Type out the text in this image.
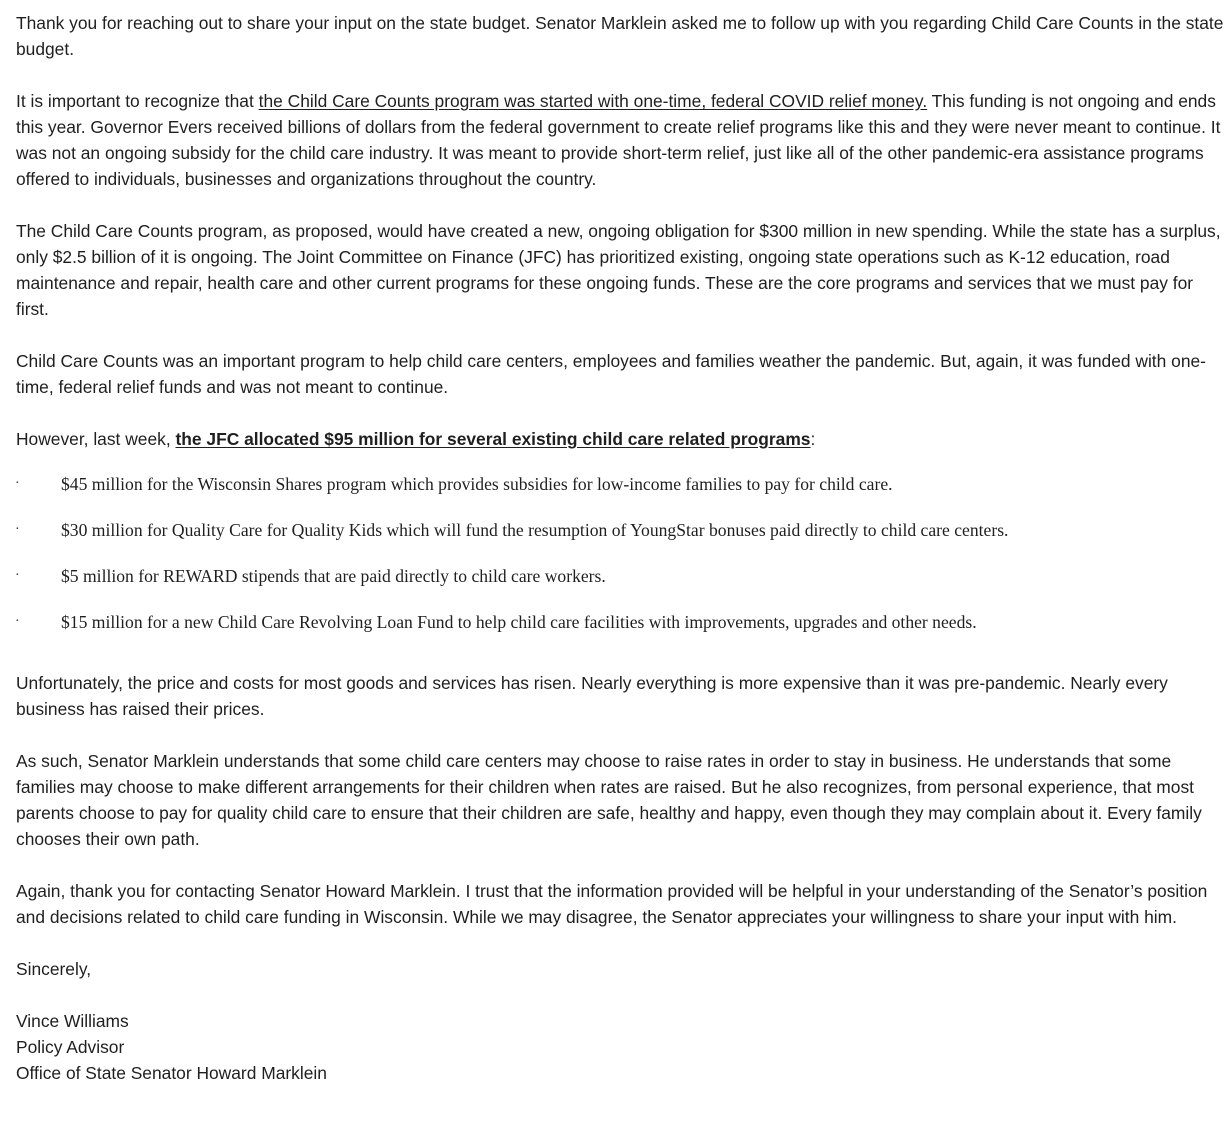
Thank you for reaching out to share your input on the state budget. Senator Marklein asked me to follow up with you regarding Child Care Counts in the state budget.

It is important to recognize that the Child Care Counts program was started with one-time, federal COVID relief money. This funding is not ongoing and ends this year. Governor Evers received billions of dollars from the federal government to create relief programs like this and they were never meant to continue. It was not an ongoing subsidy for the child care industry. It was meant to provide short-term relief, just like all of the other pandemic-era assistance programs offered to individuals, businesses and organizations throughout the country.

The Child Care Counts program, as proposed, would have created a new, ongoing obligation for $300 million in new spending. While the state has a surplus, only $2.5 billion of it is ongoing. The Joint Committee on Finance (JFC) has prioritized existing, ongoing state operations such as K-12 education, road maintenance and repair, health care and other current programs for these ongoing funds. These are the core programs and services that we must pay for first.

Child Care Counts was an important program to help child care centers, employees and families weather the pandemic. But, again, it was funded with one-time, federal relief funds and was not meant to continue.

However, last week, the JFC allocated $95 million for several existing child care related programs:

· $45 million for the Wisconsin Shares program which provides subsidies for low-income families to pay for child care.
· $30 million for Quality Care for Quality Kids which will fund the resumption of YoungStar bonuses paid directly to child care centers.
· $5 million for REWARD stipends that are paid directly to child care workers.
· $15 million for a new Child Care Revolving Loan Fund to help child care facilities with improvements, upgrades and other needs.

Unfortunately, the price and costs for most goods and services has risen. Nearly everything is more expensive than it was pre-pandemic. Nearly every business has raised their prices.

As such, Senator Marklein understands that some child care centers may choose to raise rates in order to stay in business. He understands that some families may choose to make different arrangements for their children when rates are raised. But he also recognizes, from personal experience, that most parents choose to pay for quality child care to ensure that their children are safe, healthy and happy, even though they may complain about it. Every family chooses their own path.

Again, thank you for contacting Senator Howard Marklein. I trust that the information provided will be helpful in your understanding of the Senator’s position and decisions related to child care funding in Wisconsin. While we may disagree, the Senator appreciates your willingness to share your input with him.

Sincerely,

Vince Williams

Policy Advisor

Office of State Senator Howard Marklein
